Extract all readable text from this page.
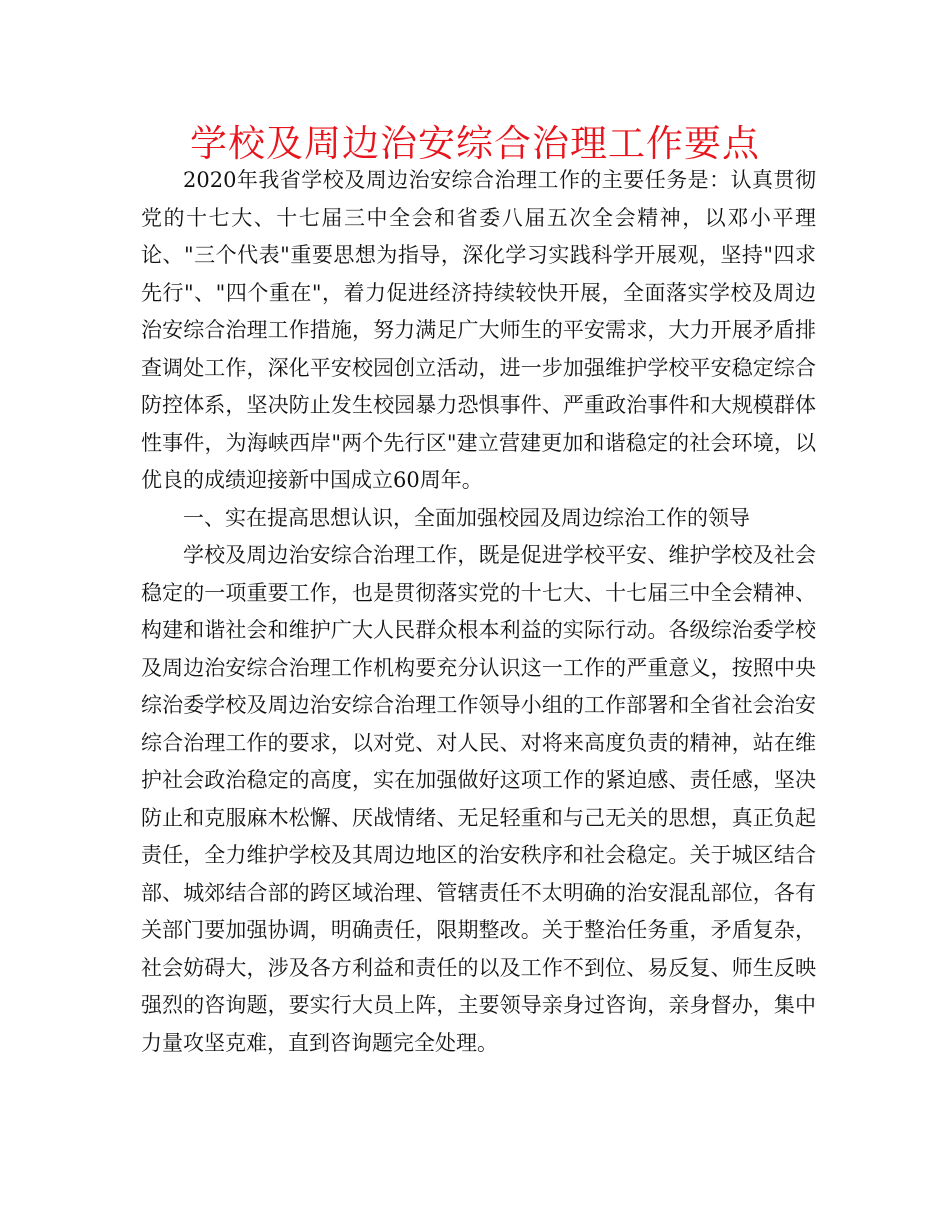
学校及周边治安综合治理工作要点

2020年我省学校及周边治安综合治理工作的主要任务是：认真贯彻党的十七大、十七届三中全会和省委八届五次全会精神，以邓小平理论、"三个代表"重要思想为指导，深化学习实践科学开展观，坚持"四求先行"、"四个重在"，着力促进经济持续较快开展，全面落实学校及周边治安综合治理工作措施，努力满足广大师生的平安需求，大力开展矛盾排查调处工作，深化平安校园创立活动，进一步加强维护学校平安稳定综合防控体系，坚决防止发生校园暴力恐惧事件、严重政治事件和大规模群体性事件，为海峡西岸"两个先行区"建立营建更加和谐稳定的社会环境，以优良的成绩迎接新中国成立60周年。

一、实在提高思想认识，全面加强校园及周边综治工作的领导

学校及周边治安综合治理工作，既是促进学校平安、维护学校及社会稳定的一项重要工作，也是贯彻落实党的十七大、十七届三中全会精神、构建和谐社会和维护广大人民群众根本利益的实际行动。各级综治委学校及周边治安综合治理工作机构要充分认识这一工作的严重意义，按照中央综治委学校及周边治安综合治理工作领导小组的工作部署和全省社会治安综合治理工作的要求，以对党、对人民、对将来高度负责的精神，站在维护社会政治稳定的高度，实在加强做好这项工作的紧迫感、责任感，坚决防止和克服麻木松懈、厌战情绪、无足轻重和与己无关的思想，真正负起责任，全力维护学校及其周边地区的治安秩序和社会稳定。关于城区结合部、城郊结合部的跨区域治理、管辖责任不太明确的治安混乱部位，各有关部门要加强协调，明确责任，限期整改。关于整治任务重，矛盾复杂，社会妨碍大，涉及各方利益和责任的以及工作不到位、易反复、师生反映强烈的咨询题，要实行大员上阵，主要领导亲身过咨询，亲身督办，集中力量攻坚克难，直到咨询题完全处理。
